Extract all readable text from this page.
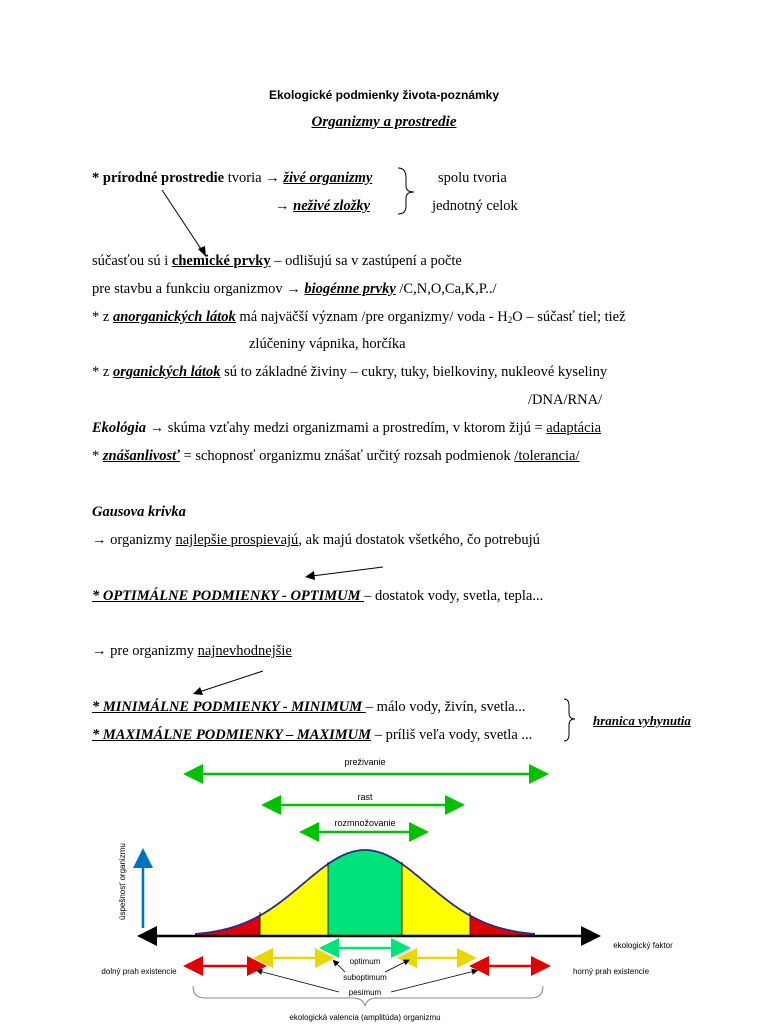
Ekologické podmienky života-poznámky
Organizmy a prostredie
* prírodné prostredie tvoria → živé organizmy
→ neživé zložky
spolu tvoria
jednotný celok
súčasťou sú i chemické prvky – odlišujú sa v zastúpení a počte
pre stavbu a funkciu organizmov → biogénne prvky /C,N,O,Ca,K,P../
* z anorganických látok má najväčší význam /pre organizmy/ voda - $H_2O$ – súčasť tiel; tiež
zlúčeniny vápnika, horčíka
* z organických látok sú to základné živiny – cukry, tuky, bielkoviny, nukleové kyseliny
/DNA/RNA/
Ekológia → skúma vzťahy medzi organizmami a prostredím, v ktorom žijú = adaptácia
* znášanlivosť = schopnosť organizmu znášať určitý rozsah podmienok /tolerancia/
Gausova krivka
→ organizmy najlepšie prospievajú, ak majú dostatok všetkého, čo potrebujú
* OPTIMÁLNE PODMIENKY - OPTIMUM – dostatok vody, svetla, tepla...
→ pre organizmy najnevhodnejšie
* MINIMÁLNE PODMIENKY - MINIMUM – málo vody, živín, svetla...
* MAXIMÁLNE PODMIENKY – MAXIMUM – príliš veľa vody, svetla ...
hranica vyhynutia
preživanie
rast
rozmnožovanie
úspešnosť organizmu
ekologický faktor
optimum
suboptimum
dolný prah existencie	horný prah existencie
pesimum
ekologická valencia (amplitúda) organizmu
